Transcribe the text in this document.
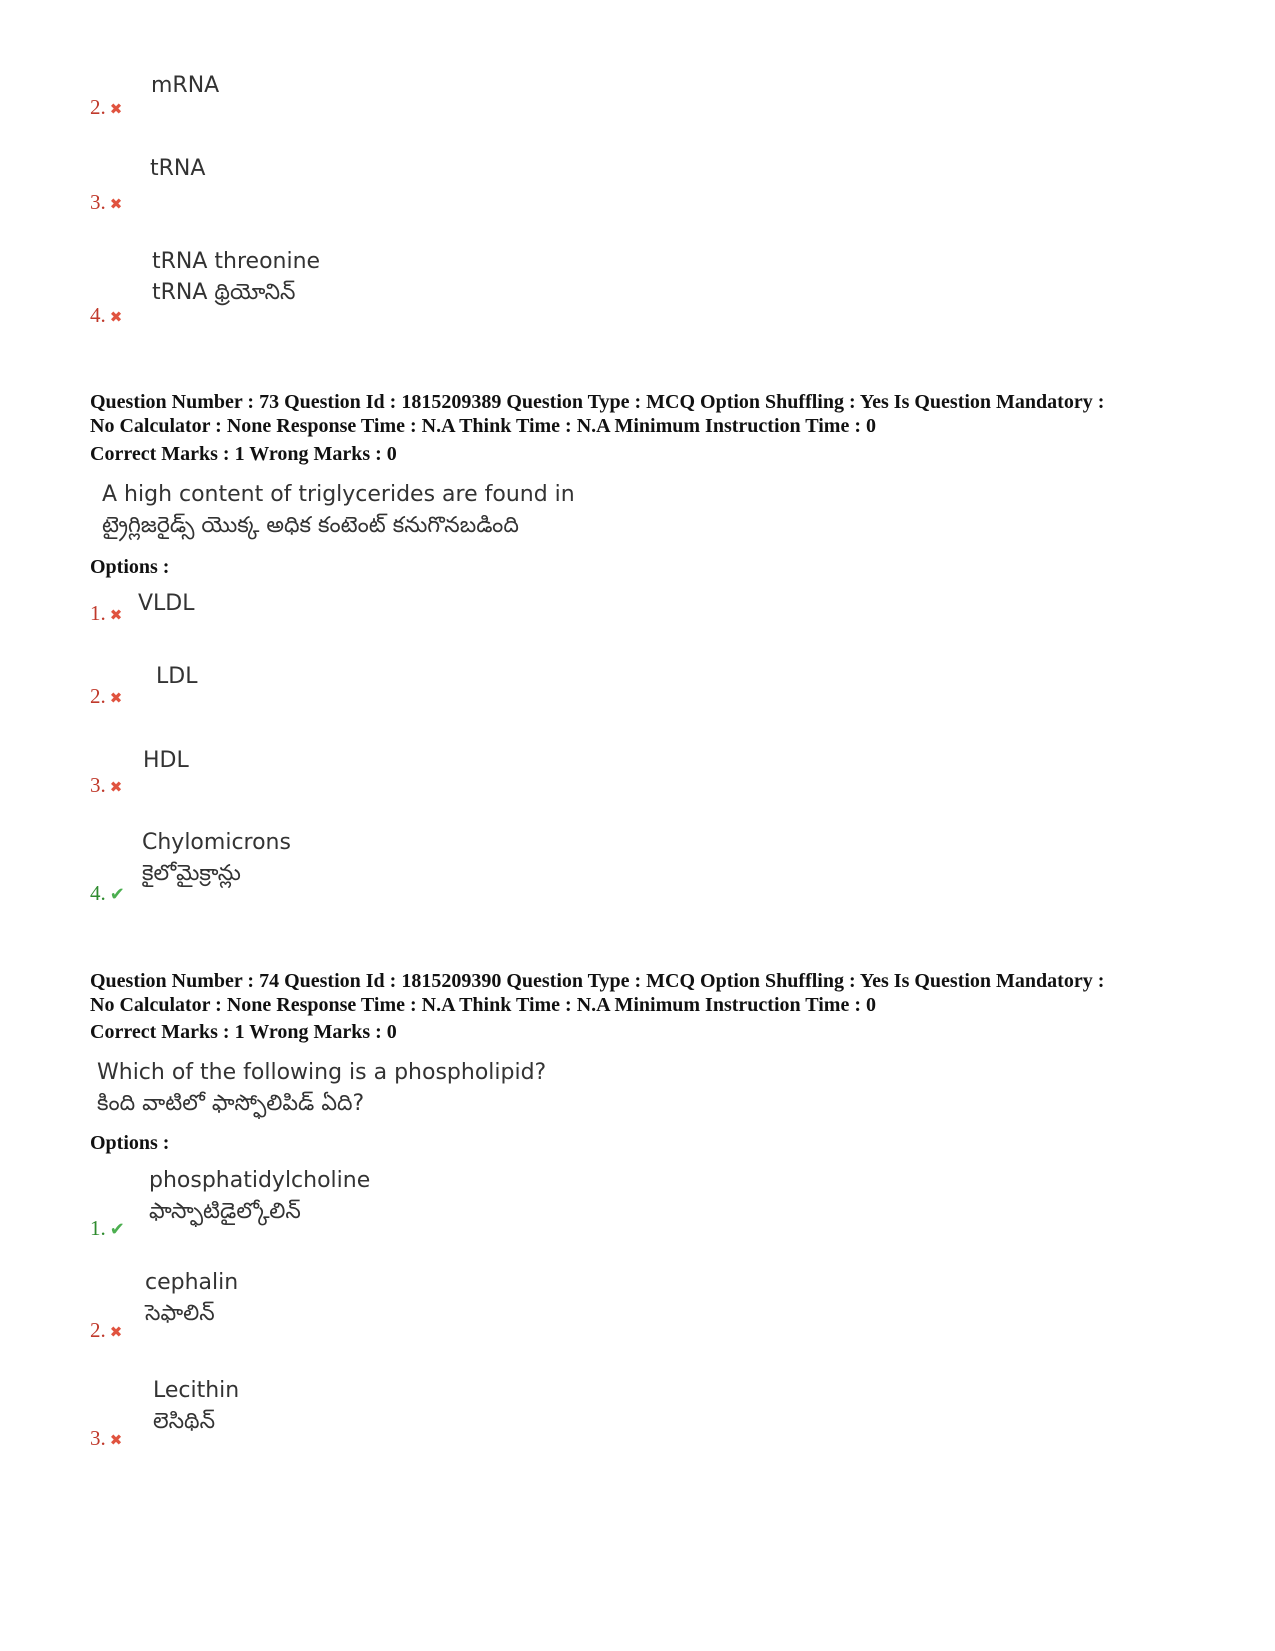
mRNA
2. ✖
tRNA
3. ✖
tRNA threonine
tRNA థ్రియోనిన్
4. ✖
Question Number : 73 Question Id : 1815209389 Question Type : MCQ Option Shuffling : Yes Is Question Mandatory :
No Calculator : None Response Time : N.A Think Time : N.A Minimum Instruction Time : 0
Correct Marks : 1 Wrong Marks : 0
A high content of triglycerides are found in
ట్రైగ్లిజరైడ్స్ యొక్క అధిక కంటెంట్ కనుగొనబడింది
Options :
VLDL
1. ✖
LDL
2. ✖
HDL
3. ✖
Chylomicrons
కైలోమైక్రాన్లు
4. ✔
Question Number : 74 Question Id : 1815209390 Question Type : MCQ Option Shuffling : Yes Is Question Mandatory :
No Calculator : None Response Time : N.A Think Time : N.A Minimum Instruction Time : 0
Correct Marks : 1 Wrong Marks : 0
Which of the following is a phospholipid?
కింది వాటిలో ఫాస్ఫోలిపిడ్ ఏది?
Options :
phosphatidylcholine
ఫాస్ఫాటిడైల్కోలిన్
1. ✔
cephalin
సెఫాలిన్
2. ✖
Lecithin
లెసిథిన్
3. ✖
